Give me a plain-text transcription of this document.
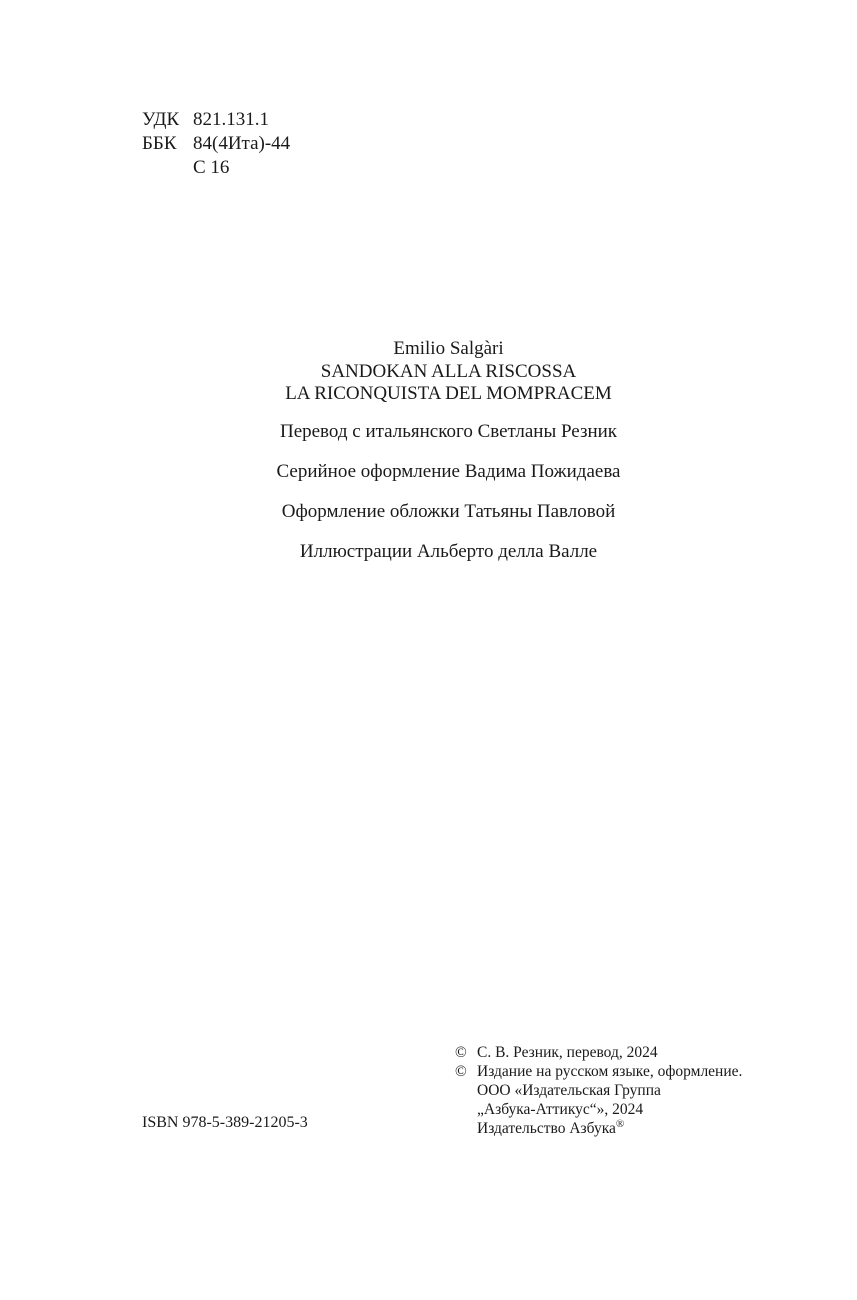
УДК 821.131.1
ББК 84(4Ита)-44
С 16
Emilio Salgàri
SANDOKAN ALLA RISCOSSA
LA RICONQUISTA DEL MOMPRACEM
Перевод с итальянского Светланы Резник
Серийное оформление Вадима Пожидаева
Оформление обложки Татьяны Павловой
Иллюстрации Альберто делла Валле
ISBN 978-5-389-21205-3
© С. В. Резник, перевод, 2024
© Издание на русском языке, оформление.
ООО «Издательская Группа
„Азбука-Аттикус“», 2024
Издательство Азбука®
